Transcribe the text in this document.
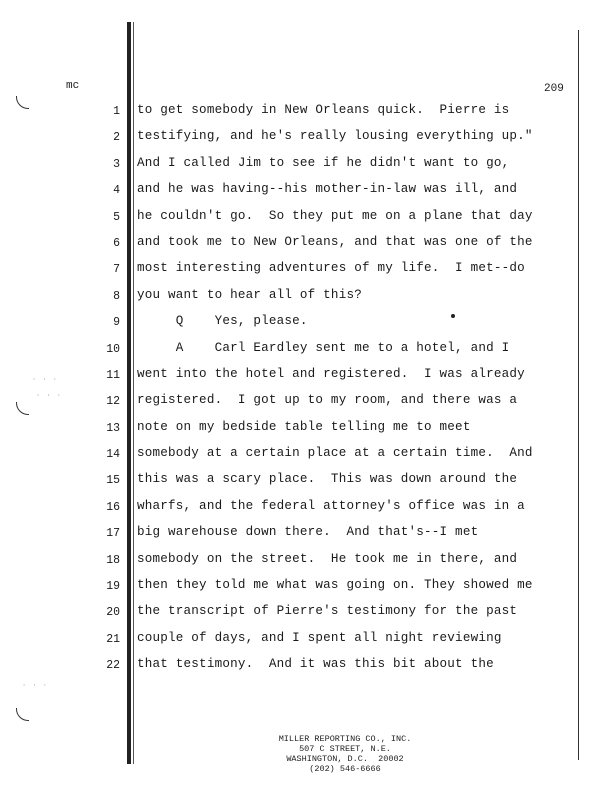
mc	209
· · ·
· · ·
· · ·
1 to get somebody in New Orleans quick.  Pierre is
2 testifying, and he's really lousing everything up."
3 And I called Jim to see if he didn't want to go,
4 and he was having--his mother-in-law was ill, and
5 he couldn't go.  So they put me on a plane that day
6 and took me to New Orleans, and that was one of the
7 most interesting adventures of my life.  I met--do
8 you want to hear all of this?
9 Q    Yes, please.
10 A    Carl Eardley sent me to a hotel, and I
11 went into the hotel and registered.  I was already
12 registered.  I got up to my room, and there was a
13 note on my bedside table telling me to meet
14 somebody at a certain place at a certain time.  And
15 this was a scary place.  This was down around the
16 wharfs, and the federal attorney's office was in a
17 big warehouse down there.  And that's--I met
18 somebody on the street.  He took me in there, and
19 then they told me what was going on. They showed me
20 the transcript of Pierre's testimony for the past
21 couple of days, and I spent all night reviewing
22 that testimony.  And it was this bit about the
MILLER REPORTING CO., INC.
507 C STREET, N.E.
WASHINGTON, D.C.  20002
(202) 546-6666
